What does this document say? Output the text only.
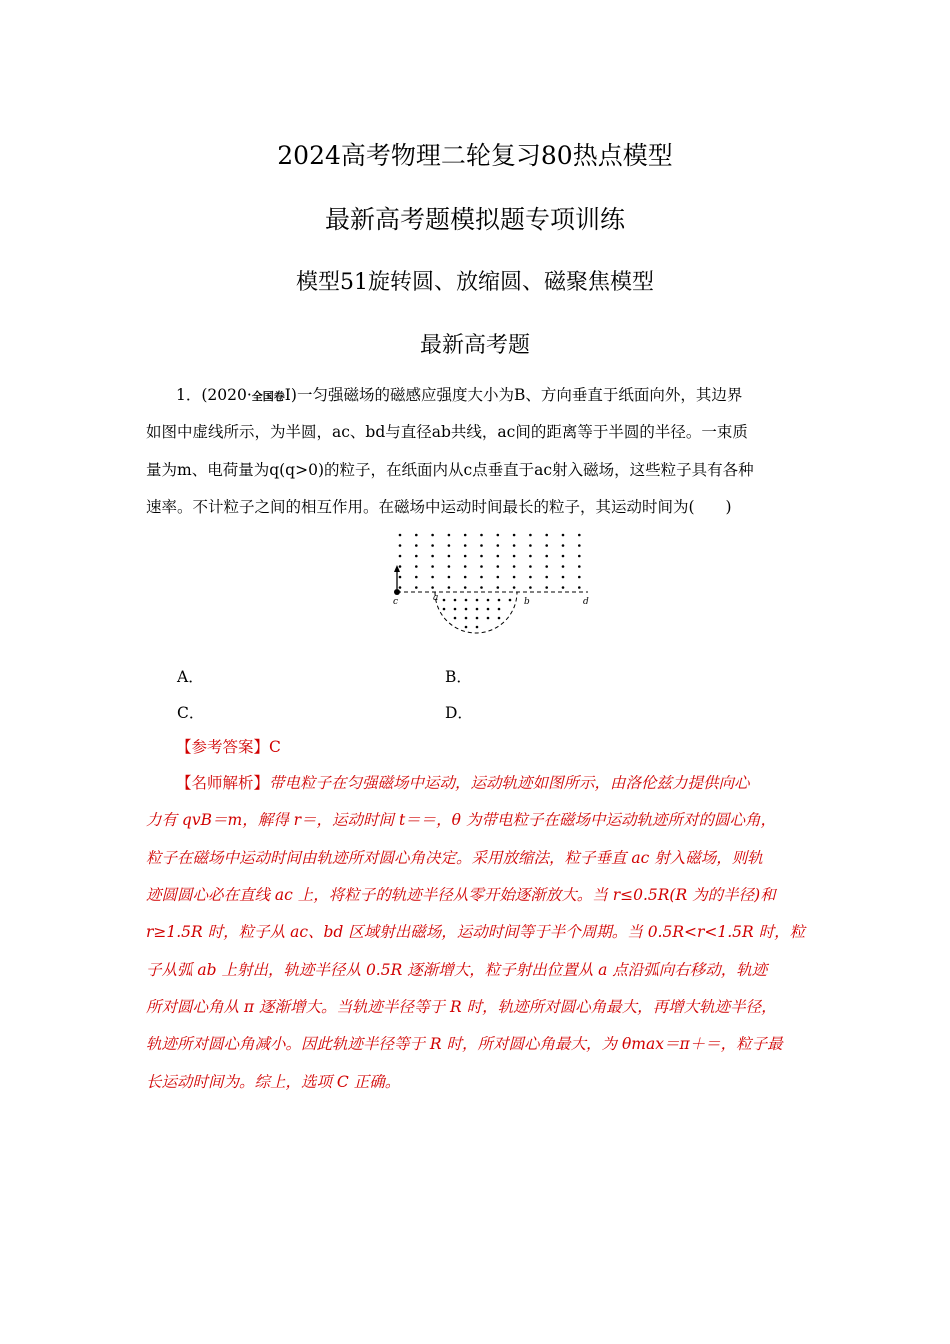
2024高考物理二轮复习80热点模型
最新高考题模拟题专项训练
模型51旋转圆、放缩圆、磁聚焦模型
最新高考题
1．(2020·全国卷Ⅰ)一匀强磁场的磁感应强度大小为B、方向垂直于纸面向外，其边界
如图中虚线所示，为半圆，ac、bd与直径ab共线，ac间的距离等于半圆的半径。一束质
量为m、电荷量为q(q>0)的粒子，在纸面内从c点垂直于ac射入磁场，这些粒子具有各种
速率。不计粒子之间的相互作用。在磁场中运动时间最长的粒子，其运动时间为(　　)
c	a	b	d
A．	B．
C．	D．
【参考答案】C
【名师解析】带电粒子在匀强磁场中运动，运动轨迹如图所示，由洛伦兹力提供向心
力有 qvB＝m，解得 r＝，运动时间 t＝＝，θ 为带电粒子在磁场中运动轨迹所对的圆心角，
粒子在磁场中运动时间由轨迹所对圆心角决定。采用放缩法，粒子垂直 ac 射入磁场，则轨
迹圆圆心必在直线 ac 上，将粒子的轨迹半径从零开始逐渐放大。当 r≤0.5R(R 为的半径)和
r≥1.5R 时，粒子从 ac、bd 区域射出磁场，运动时间等于半个周期。当 0.5R<r<1.5R 时，粒
子从弧 ab 上射出，轨迹半径从 0.5R 逐渐增大，粒子射出位置从 a 点沿弧向右移动，轨迹
所对圆心角从 π 逐渐增大。当轨迹半径等于 R 时，轨迹所对圆心角最大，再增大轨迹半径，
轨迹所对圆心角减小。因此轨迹半径等于 R 时，所对圆心角最大，为 θmax＝π＋＝，粒子最
长运动时间为。综上，选项 C 正确。
